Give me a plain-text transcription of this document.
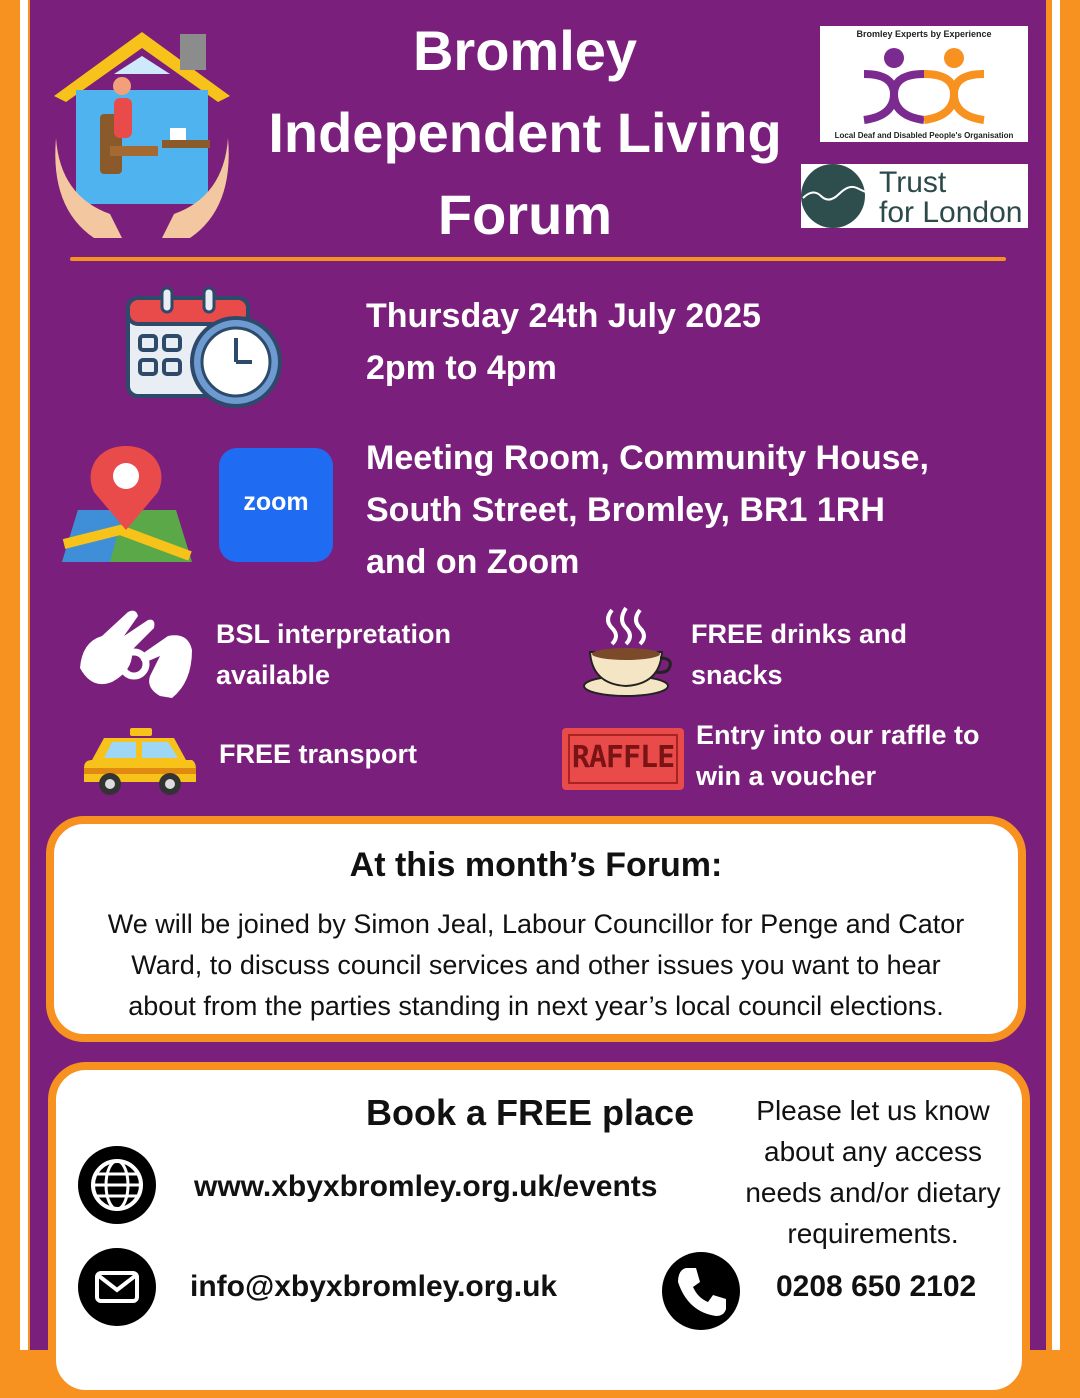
Bromley
Independent Living
Forum
Bromley Experts by Experience
Local Deaf and Disabled People's Organisation
Trust
for London
Thursday 24th July 2025
2pm to 4pm
zoom
Meeting Room, Community House,
South Street, Bromley, BR1 1RH
and on Zoom
BSL interpretation
available
FREE drinks and
snacks
FREE transport	RAFFLE
Entry into our raffle to
win a voucher
At this month’s Forum:
We will be joined by Simon Jeal, Labour Councillor for Penge and Cator
Ward, to discuss council services and other issues you want to hear
about from the parties standing in next year’s local council elections.
Book a FREE place
www.xbyxbromley.org.uk/events
info@xbyxbromley.org.uk	0208 650 2102
Please let us know
about any access
needs and/or dietary
requirements.
